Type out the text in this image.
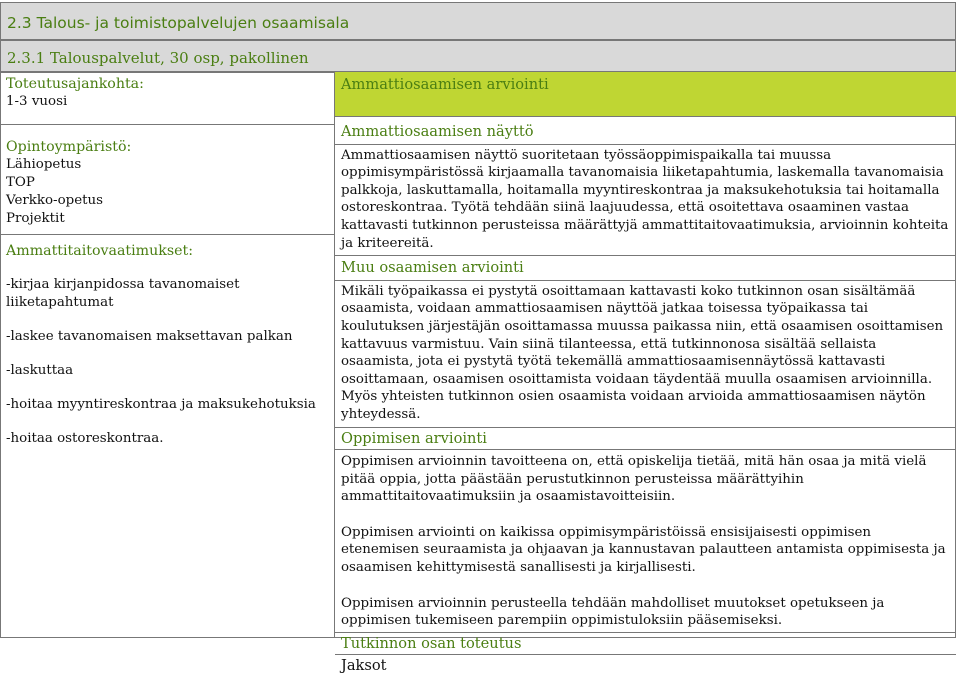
2.3 Talous- ja toimistopalvelujen osaamisala
2.3.1 Talouspalvelut, 30 osp, pakollinen
Toteutusajankohta:
1-3 vuosi
Opintoympäristö:
Lähiopetus
TOP
Verkko-opetus
Projektit
Ammattitaitovaatimukset:
-kirjaa kirjanpidossa tavanomaiset liiketapahtumat
-laskee tavanomaisen maksettavan palkan
-laskuttaa
-hoitaa myyntireskontraa ja maksukehotuksia
-hoitaa ostoreskontraa.
Ammattiosaamisen arviointi
Ammattiosaamisen näyttö
Ammattiosaamisen näyttö suoritetaan työssäoppimispaikalla tai muussa oppimisympäristössä kirjaamalla tavanomaisia liiketapahtumia, laskemalla tavanomaisia palkkoja, laskuttamalla, hoitamalla myyntireskontraa ja maksukehotuksia tai hoitamalla ostoreskontraa. Työtä tehdään siinä laajuudessa, että osoitettava osaaminen vastaa kattavasti tutkinnon perusteissa määrättyjä ammattitaitovaatimuksia, arvioinnin kohteita ja kriteereitä.
Muu osaamisen arviointi
Mikäli työpaikassa ei pystytä osoittamaan kattavasti koko tutkinnon osan sisältämää osaamista, voidaan ammattiosaamisen näyttöä jatkaa toisessa työpaikassa tai koulutuksen järjestäjän osoittamassa muussa paikassa niin, että osaamisen osoittamisen kattavuus varmistuu. Vain siinä tilanteessa, että tutkinnonosa sisältää sellaista osaamista, jota ei pystytä työtä tekemällä ammattiosaamisennäytössä kattavasti osoittamaan, osaamisen osoittamista voidaan täydentää muulla osaamisen arvioinnilla. Myös yhteisten tutkinnon osien osaamista voidaan arvioida ammattiosaamisen näytön yhteydessä.
Oppimisen arviointi
Oppimisen arvioinnin tavoitteena on, että opiskelija tietää, mitä hän osaa ja mitä vielä pitää oppia, jotta päästään perustutkinnon perusteissa määrättyihin ammattitaitovaatimuksiin ja osaamistavoitteisiin.
Oppimisen arviointi on kaikissa oppimisympäristöissä ensisijaisesti oppimisen etenemisen seuraamista ja ohjaavan ja kannustavan palautteen antamista oppimisesta ja osaamisen kehittymisestä sanallisesti ja kirjallisesti.
Oppimisen arvioinnin perusteella tehdään mahdolliset muutokset opetukseen ja oppimisen tukemiseen parempiin oppimistuloksiin pääsemiseksi.
Tutkinnon osan toteutus
Jaksot
